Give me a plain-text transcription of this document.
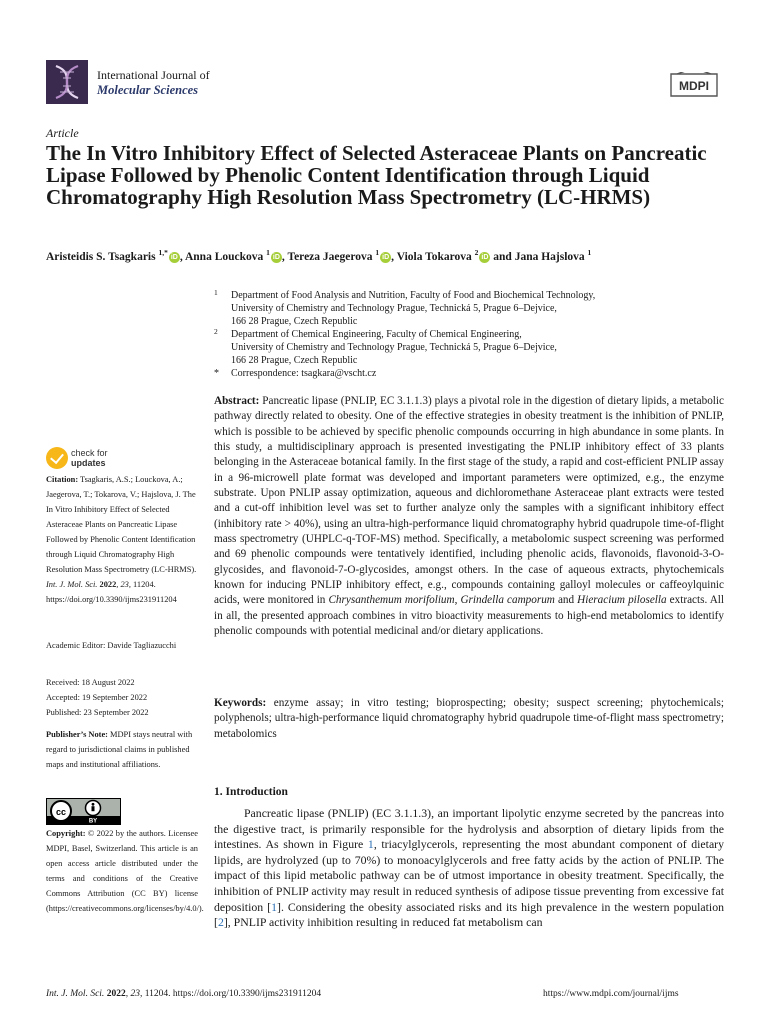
International Journal of
Molecular Sciences	MDPI
Article
The In Vitro Inhibitory Effect of Selected Asteraceae Plants on Pancreatic Lipase Followed by Phenolic Content Identification through Liquid Chromatography High Resolution Mass Spectrometry (LC-HRMS)
Aristeidis S. Tsagkaris $^{1,*}$iD , Anna Louckova $^1$iD , Tereza Jaegerova $^1$iD , Viola Tokarova $^2$iD and Jana Hajslova $^1$
1 Department of Food Analysis and Nutrition, Faculty of Food and Biochemical Technology,
University of Chemistry and Technology Prague, Technická 5, Prague 6–Dejvice,
166 28 Prague, Czech Republic
2 Department of Chemical Engineering, Faculty of Chemical Engineering,
University of Chemistry and Technology Prague, Technická 5, Prague 6–Dejvice,
166 28 Prague, Czech Republic
* Correspondence: tsagkara@vscht.cz

Abstract: Pancreatic lipase (PNLIP, EC 3.1.1.3) plays a pivotal role in the digestion of dietary lipids, a metabolic pathway directly related to obesity. One of the effective strategies in obesity treatment is the inhibition of PNLIP, which is possible to be achieved by specific phenolic compounds occurring in high abundance in some plants. In this study, a multidisciplinary approach is presented investigating the PNLIP inhibitory effect of 33 plants belonging in the Asteraceae botanical family. In the first stage of the study, a rapid and cost-efficient PNLIP assay in a 96-microwell plate format was developed and important parameters were optimized, e.g., the enzyme substrate. Upon PNLIP assay optimization, aqueous and dichloromethane Asteraceae plant extracts were tested and a cut-off inhibition level was set to further analyze only the samples with a significant inhibitory effect (inhibitory rate > 40%), using an ultra-high-performance liquid chromatography hybrid quadrupole time-of-flight mass spectrometry (UHPLC-q-TOF-MS) method. Specifically, a metabolomic suspect screening was performed and 69 phenolic compounds were tentatively identified, including phenolic acids, flavonoids, flavonoid-3-O-glycosides, and flavonoid-7-O-glycosides, amongst others. In the case of aqueous extracts, phytochemicals known for inducing PNLIP inhibitory effect, e.g., compounds containing galloyl molecules or caffeoylquinic acids, were monitored in Chrysanthemum morifolium, Grindella camporum and Hieracium pilosella extracts. All in all, the presented approach combines in vitro bioactivity measurements to high-end metabolomics to identify phenolic compounds with potential medicinal and/or dietary applications.

Keywords: enzyme assay; in vitro testing; bioprospecting; obesity; suspect screening; phytochemicals; polyphenols; ultra-high-performance liquid chromatography hybrid quadrupole time-of-flight mass spectrometry; metabolomics

check for
updates
Citation: Tsagkaris, A.S.; Louckova, A.; Jaegerova, T.; Tokarova, V.; Hajslova, J. The In Vitro Inhibitory Effect of Selected Asteraceae Plants on Pancreatic Lipase Followed by Phenolic Content Identification through Liquid Chromatography High Resolution Mass Spectrometry (LC-HRMS). Int. J. Mol. Sci. 2022, 23, 11204. https://doi.org/10.3390/ijms231911204
Academic Editor: Davide Tagliazucchi
Received: 18 August 2022
Accepted: 19 September 2022
Published: 23 September 2022
Publisher’s Note: MDPI stays neutral with regard to jurisdictional claims in published maps and institutional affiliations.
cc
BY
Copyright: © 2022 by the authors. Licensee MDPI, Basel, Switzerland. This article is an open access article distributed under the terms and conditions of the Creative Commons Attribution (CC BY) license (https://creativecommons.org/licenses/by/4.0/).
1. Introduction

Pancreatic lipase (PNLIP) (EC 3.1.1.3), an important lipolytic enzyme secreted by the pancreas into the digestive tract, is primarily responsible for the hydrolysis and absorption of dietary lipids from the intestines. As shown in Figure 1, triacylglycerols, representing the most abundant component of dietary lipids, are hydrolyzed (up to 70%) to monoacylglycerols and free fatty acids by the action of PNLIP. The impact of this lipid metabolic pathway can be of utmost importance in obesity treatment. Specifically, the inhibition of PNLIP activity may result in reduced synthesis of adipose tissue preventing from excessive fat deposition [1]. Considering the obesity associated risks and its high prevalence in the western population [2], PNLIP activity inhibition resulting in reduced fat metabolism can

Int. J. Mol. Sci. 2022, 23, 11204. https://doi.org/10.3390/ijms231911204	https://www.mdpi.com/journal/ijms
